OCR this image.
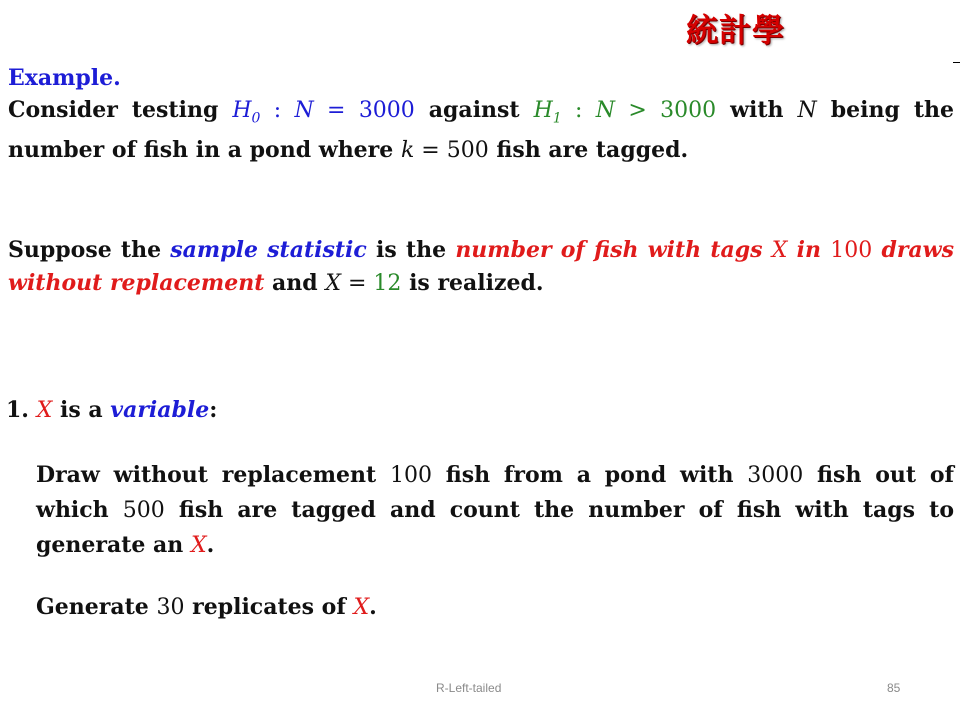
統計學
Example.
Consider testing $H_0$ : N = 3000 against $H_1$ : N > 3000 with N being the number of fish in a pond where k = 500 fish are tagged.
Suppose the sample statistic is the number of fish with tags X in 100 draws without replacement and X = 12 is realized.
1. X is a variable:
Draw without replacement 100 fish from a pond with 3000 fish out of which 500 fish are tagged and count the number of fish with tags to generate an X.
Generate 30 replicates of X.
R-Left-tailed	85
